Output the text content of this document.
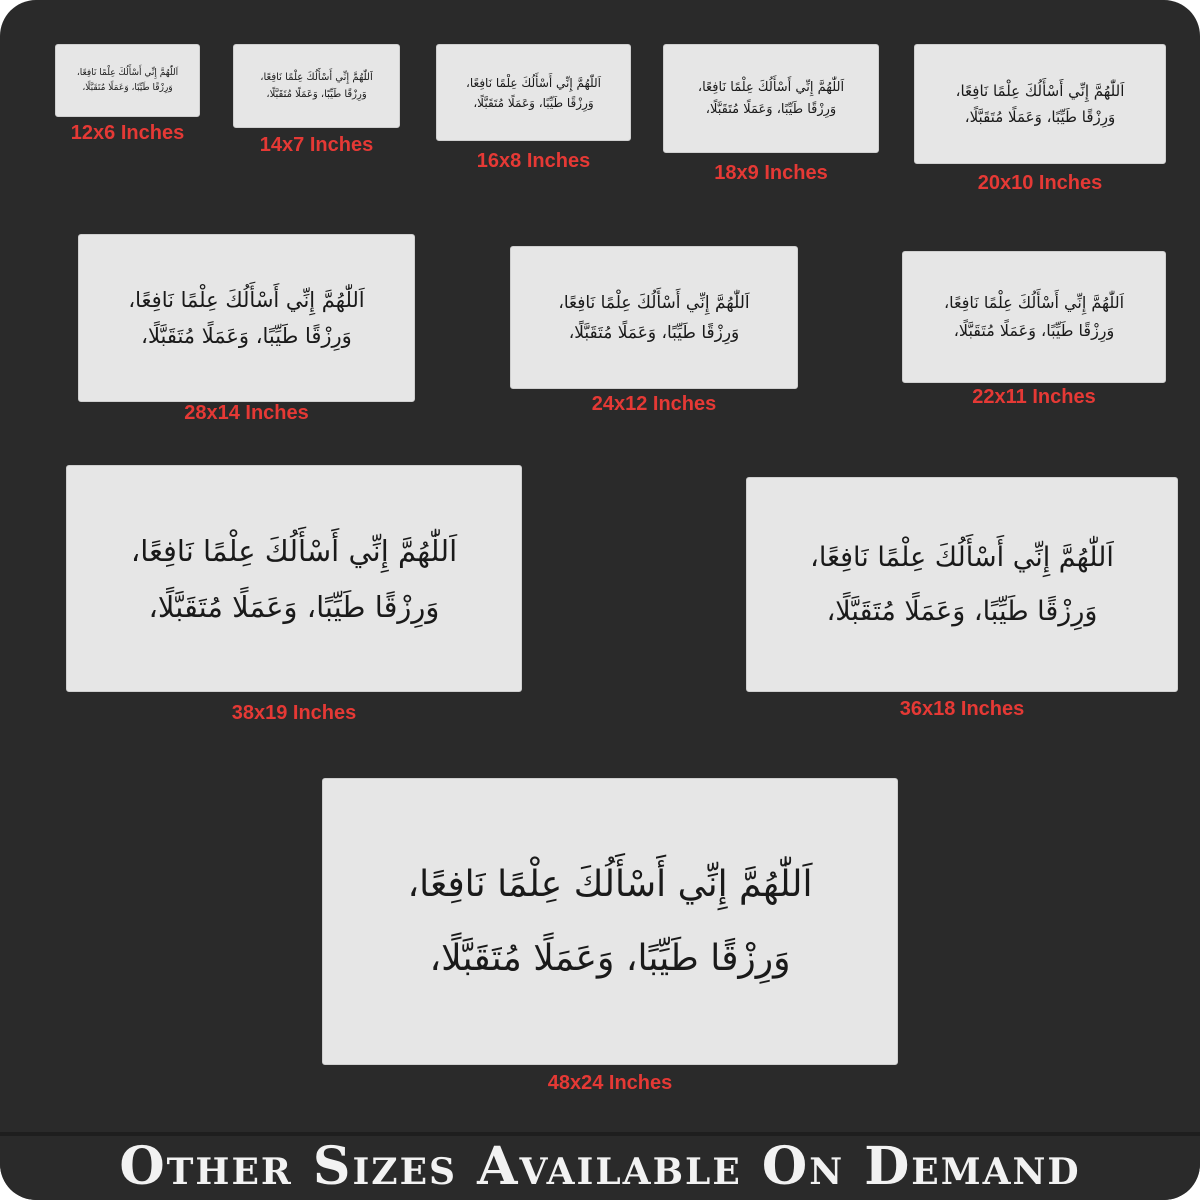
اَللّٰهُمَّ إِنِّي أَسْأَلُكَ عِلْمًا نَافِعًا،
وَرِزْقًا طَيِّبًا، وَعَمَلًا مُتَقَبَّلًا،
12x6 Inches
اَللّٰهُمَّ إِنِّي أَسْأَلُكَ عِلْمًا نَافِعًا،
وَرِزْقًا طَيِّبًا، وَعَمَلًا مُتَقَبَّلًا،
14x7 Inches
اَللّٰهُمَّ إِنِّي أَسْأَلُكَ عِلْمًا نَافِعًا،
وَرِزْقًا طَيِّبًا، وَعَمَلًا مُتَقَبَّلًا،
16x8 Inches
اَللّٰهُمَّ إِنِّي أَسْأَلُكَ عِلْمًا نَافِعًا،
وَرِزْقًا طَيِّبًا، وَعَمَلًا مُتَقَبَّلًا،
18x9 Inches
اَللّٰهُمَّ إِنِّي أَسْأَلُكَ عِلْمًا نَافِعًا،
وَرِزْقًا طَيِّبًا، وَعَمَلًا مُتَقَبَّلًا،
20x10 Inches
اَللّٰهُمَّ إِنِّي أَسْأَلُكَ عِلْمًا نَافِعًا،
وَرِزْقًا طَيِّبًا، وَعَمَلًا مُتَقَبَّلًا،
28x14 Inches
اَللّٰهُمَّ إِنِّي أَسْأَلُكَ عِلْمًا نَافِعًا،
وَرِزْقًا طَيِّبًا، وَعَمَلًا مُتَقَبَّلًا،
24x12 Inches
اَللّٰهُمَّ إِنِّي أَسْأَلُكَ عِلْمًا نَافِعًا،
وَرِزْقًا طَيِّبًا، وَعَمَلًا مُتَقَبَّلًا،
22x11 Inches
اَللّٰهُمَّ إِنِّي أَسْأَلُكَ عِلْمًا نَافِعًا،
وَرِزْقًا طَيِّبًا، وَعَمَلًا مُتَقَبَّلًا،
38x19 Inches
اَللّٰهُمَّ إِنِّي أَسْأَلُكَ عِلْمًا نَافِعًا،
وَرِزْقًا طَيِّبًا، وَعَمَلًا مُتَقَبَّلًا،
36x18 Inches
اَللّٰهُمَّ إِنِّي أَسْأَلُكَ عِلْمًا نَافِعًا،
وَرِزْقًا طَيِّبًا، وَعَمَلًا مُتَقَبَّلًا،
48x24 Inches
Other Sizes Available On Demand
